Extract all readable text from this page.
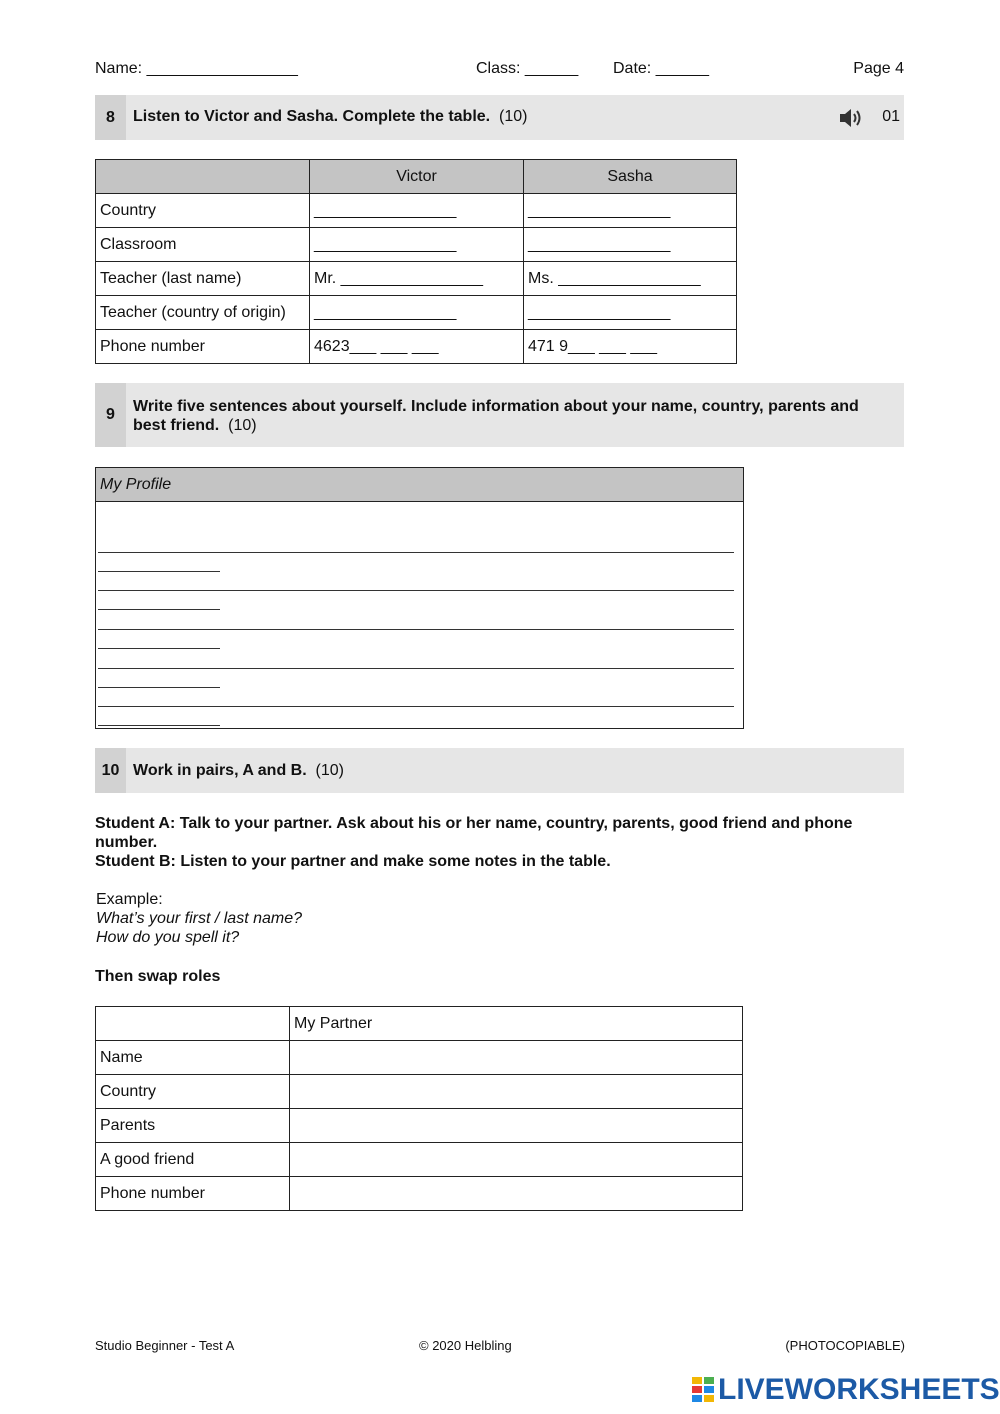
Name: _________________	Class: ______ Date: ______	Page 4
8	Listen to Victor and Sasha. Complete the table. (10)	01
	Victor	Sasha
Country	________________	________________
Classroom	________________	________________
Teacher (last name)	Mr. ________________	Ms. ________________
Teacher (country of origin)	________________	________________
Phone number	4623___ ___ ___	471 9___ ___ ___
9	Write five sentences about yourself. Include information about your name, country, parents and
best friend. (10)
My Profile
10 Work in pairs, A and B. (10)
Student A: Talk to your partner. Ask about his or her name, country, parents, good friend and phone
number.
Student B: Listen to your partner and make some notes in the table.
Example:
What’s your first / last name?
How do you spell it?
Then swap roles
	My Partner
Name	
Country	
Parents	
A good friend	
Phone number	
Studio Beginner - Test A	© 2020 Helbling	(PHOTOCOPIABLE)
LIVEWORKSHEETS
